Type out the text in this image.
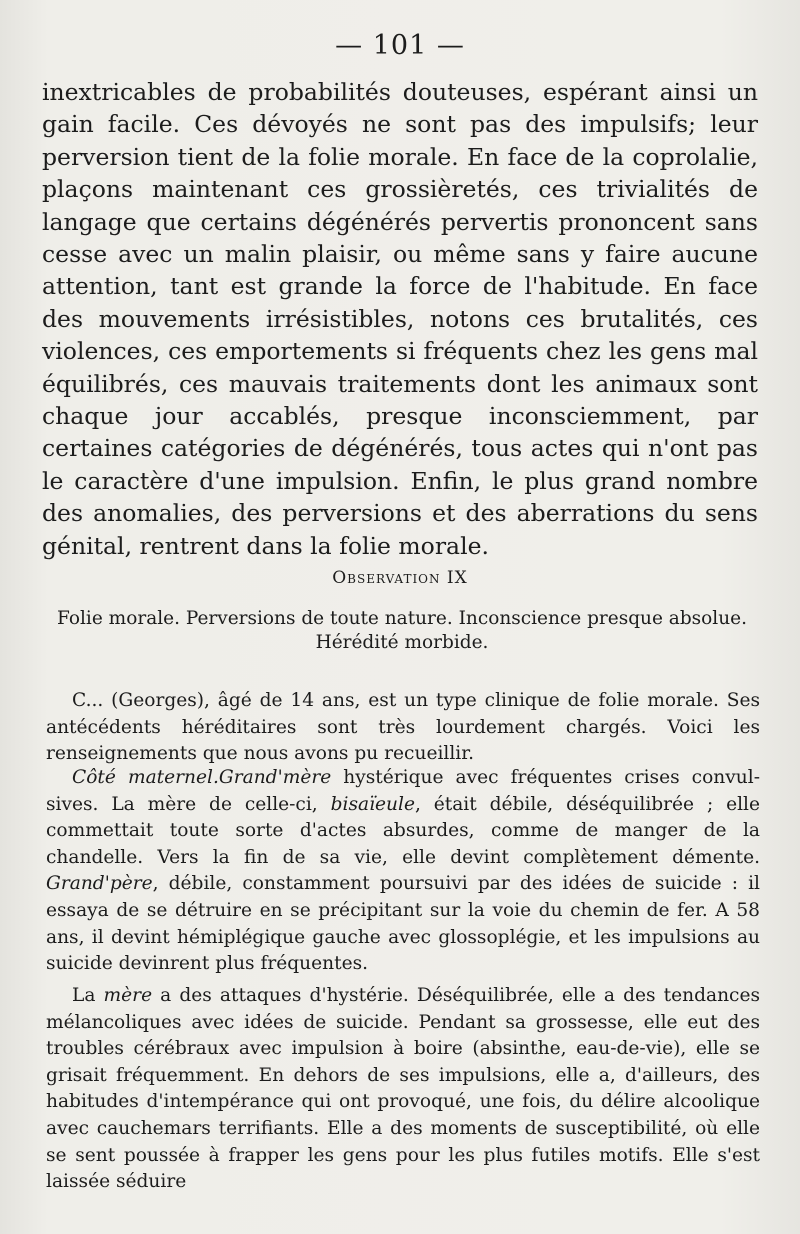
— 101 —
inextricables de probabilités douteuses, espérant ainsi un gain facile. Ces dévoyés ne sont pas des impulsifs; leur perversion tient de la folie morale. En face de la coprolalie, plaçons maintenant ces grossièretés, ces trivialités de langage que certains dégénérés pervertis prononcent sans cesse avec un malin plaisir, ou même sans y faire aucune attention, tant est grande la force de l'habitude. En face des mouvements irrésistibles, notons ces brutalités, ces violences, ces emportements si fréquents chez les gens mal équilibrés, ces mauvais traitements dont les animaux sont chaque jour accablés, presque inconsciemment, par certaines catégories de dégénérés, tous actes qui n'ont pas le caractère d'une impulsion. Enfin, le plus grand nombre des anomalies, des perversions et des aberrations du sens génital, rentrent dans la folie morale.
Observation IX
Folie morale. Perversions de toute nature. Inconscience presque absolue.
Hérédité morbide.
C... (Georges), âgé de 14 ans, est un type clinique de folie morale. Ses antécédents héréditaires sont très lourdement chargés. Voici les renseignements que nous avons pu recueillir.
Côté maternel.Grand'mère hystérique avec fréquentes crises convulsives. La mère de celle-ci, bisaïeule, était débile, déséquilibrée ; elle commettait toute sorte d'actes absurdes, comme de manger de la chandelle. Vers la fin de sa vie, elle devint complètement démente. Grand'père, débile, constamment poursuivi par des idées de suicide : il essaya de se détruire en se précipitant sur la voie du chemin de fer. A 58 ans, il devint hémiplégique gauche avec glossoplégie, et les impulsions au suicide devinrent plus fréquentes.
La mère a des attaques d'hystérie. Déséquilibrée, elle a des tendances mélancoliques avec idées de suicide. Pendant sa grossesse, elle eut des troubles cérébraux avec impulsion à boire (absinthe, eau-de-vie), elle se grisait fréquemment. En dehors de ses impulsions, elle a, d'ailleurs, des habitudes d'intempérance qui ont provoqué, une fois, du délire alcoolique avec cauchemars terrifiants. Elle a des moments de susceptibilité, où elle se sent poussée à frapper les gens pour les plus futiles motifs. Elle s'est laissée séduire
